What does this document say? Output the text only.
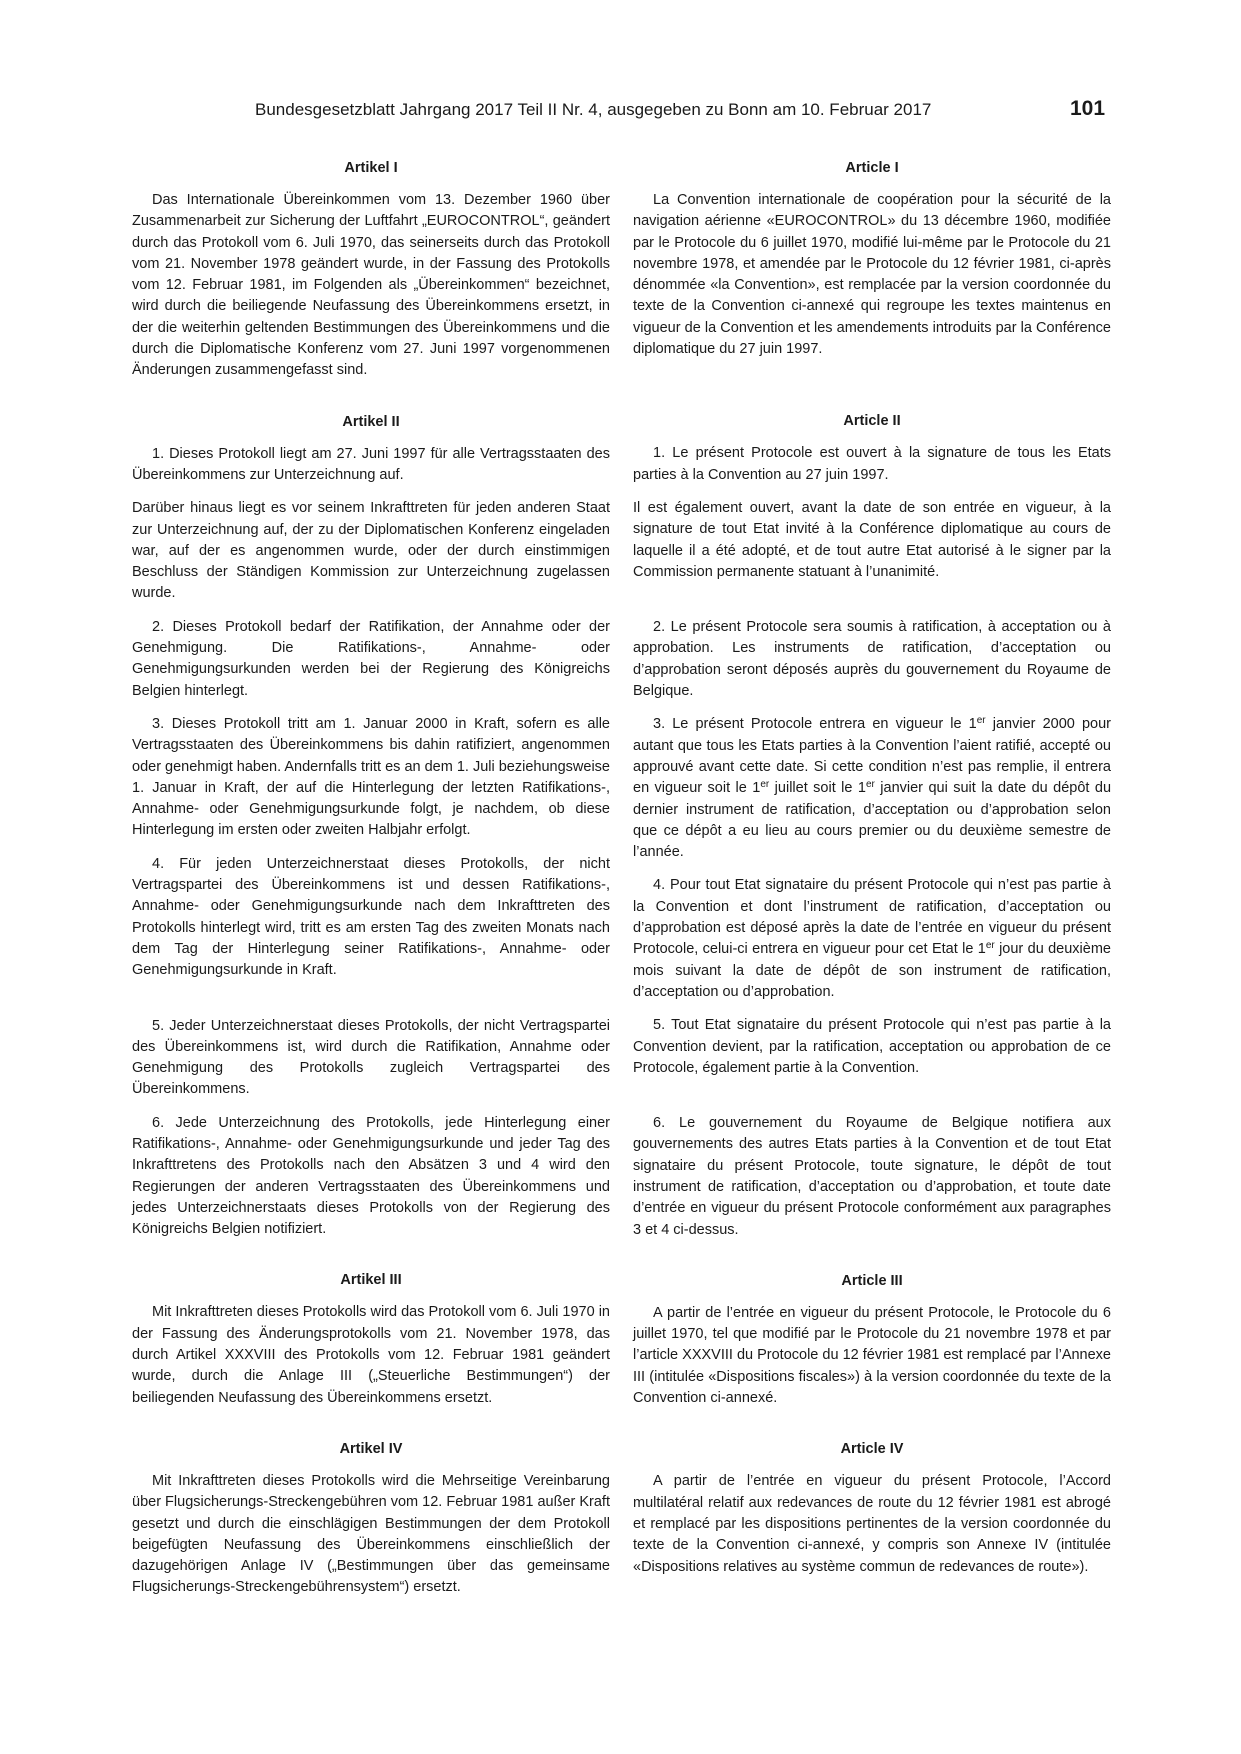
Bundesgesetzblatt Jahrgang 2017 Teil II Nr. 4, ausgegeben zu Bonn am 10. Februar 2017	101
Artikel I

Das Internationale Übereinkommen vom 13. Dezember 1960 über Zusammenarbeit zur Sicherung der Luftfahrt „EUROCONTROL“, geändert durch das Protokoll vom 6. Juli 1970, das seinerseits durch das Protokoll vom 21. November 1978 geändert wurde, in der Fassung des Protokolls vom 12. Februar 1981, im Folgenden als „Übereinkommen“ bezeichnet, wird durch die beiliegende Neufassung des Übereinkommens ersetzt, in der die weiterhin geltenden Bestimmungen des Übereinkommens und die durch die Diplomatische Konferenz vom 27. Juni 1997 vorgenommenen Änderungen zusammengefasst sind.

Artikel II

1. Dieses Protokoll liegt am 27. Juni 1997 für alle Vertragsstaaten des Übereinkommens zur Unterzeichnung auf.

Darüber hinaus liegt es vor seinem Inkrafttreten für jeden anderen Staat zur Unterzeichnung auf, der zu der Diplomatischen Konferenz eingeladen war, auf der es angenommen wurde, oder der durch einstimmigen Beschluss der Ständigen Kommission zur Unterzeichnung zugelassen wurde.

2. Dieses Protokoll bedarf der Ratifikation, der Annahme oder der Genehmigung. Die Ratifikations-, Annahme- oder Genehmigungsurkunden werden bei der Regierung des Königreichs Belgien hinterlegt.

3. Dieses Protokoll tritt am 1. Januar 2000 in Kraft, sofern es alle Vertragsstaaten des Übereinkommens bis dahin ratifiziert, angenommen oder genehmigt haben. Andernfalls tritt es an dem 1. Juli beziehungsweise 1. Januar in Kraft, der auf die Hinterlegung der letzten Ratifikations-, Annahme- oder Genehmigungsurkunde folgt, je nachdem, ob diese Hinterlegung im ersten oder zweiten Halbjahr erfolgt.

4. Für jeden Unterzeichnerstaat dieses Protokolls, der nicht Vertragspartei des Übereinkommens ist und dessen Ratifikations-, Annahme- oder Genehmigungsurkunde nach dem Inkrafttreten des Protokolls hinterlegt wird, tritt es am ersten Tag des zweiten Monats nach dem Tag der Hinterlegung seiner Ratifikations-, Annahme- oder Genehmigungsurkunde in Kraft.

5. Jeder Unterzeichnerstaat dieses Protokolls, der nicht Vertragspartei des Übereinkommens ist, wird durch die Ratifikation, Annahme oder Genehmigung des Protokolls zugleich Vertragspartei des Übereinkommens.

6. Jede Unterzeichnung des Protokolls, jede Hinterlegung einer Ratifikations-, Annahme- oder Genehmigungsurkunde und jeder Tag des Inkrafttretens des Protokolls nach den Absätzen 3 und 4 wird den Regierungen der anderen Vertragsstaaten des Übereinkommens und jedes Unterzeichnerstaats dieses Protokolls von der Regierung des Königreichs Belgien notifiziert.

Artikel III

Mit Inkrafttreten dieses Protokolls wird das Protokoll vom 6. Juli 1970 in der Fassung des Änderungsprotokolls vom 21. November 1978, das durch Artikel XXXVIII des Protokolls vom 12. Februar 1981 geändert wurde, durch die Anlage III („Steuerliche Bestimmungen“) der beiliegenden Neufassung des Übereinkommens ersetzt.

Artikel IV

Mit Inkrafttreten dieses Protokolls wird die Mehrseitige Vereinbarung über Flugsicherungs-Streckengebühren vom 12. Februar 1981 außer Kraft gesetzt und durch die einschlägigen Bestimmungen der dem Protokoll beigefügten Neufassung des Übereinkommens einschließlich der dazugehörigen Anlage IV („Bestimmungen über das gemeinsame Flugsicherungs-Streckengebührensystem“) ersetzt.

Article I

La Convention internationale de coopération pour la sécurité de la navigation aérienne «EUROCONTROL» du 13 décembre 1960, modifiée par le Protocole du 6 juillet 1970, modifié lui-même par le Protocole du 21 novembre 1978, et amendée par le Protocole du 12 février 1981, ci-après dénommée «la Convention», est remplacée par la version coordonnée du texte de la Convention ci-annexé qui regroupe les textes maintenus en vigueur de la Convention et les amendements introduits par la Conférence diplomatique du 27 juin 1997.

Article II

1. Le présent Protocole est ouvert à la signature de tous les Etats parties à la Convention au 27 juin 1997.

Il est également ouvert, avant la date de son entrée en vigueur, à la signature de tout Etat invité à la Conférence diplomatique au cours de laquelle il a été adopté, et de tout autre Etat autorisé à le signer par la Commission permanente statuant à l’unanimité.

2. Le présent Protocole sera soumis à ratification, à acceptation ou à approbation. Les instruments de ratification, d’acceptation ou d’approbation seront déposés auprès du gouvernement du Royaume de Belgique.

3. Le présent Protocole entrera en vigueur le 1er janvier 2000 pour autant que tous les Etats parties à la Convention l’aient ratifié, accepté ou approuvé avant cette date. Si cette condition n’est pas remplie, il entrera en vigueur soit le 1er juillet soit le 1er janvier qui suit la date du dépôt du dernier instrument de ratification, d’acceptation ou d’approbation selon que ce dépôt a eu lieu au cours premier ou du deuxième semestre de l’année.

4. Pour tout Etat signataire du présent Protocole qui n’est pas partie à la Convention et dont l’instrument de ratification, d’acceptation ou d’approbation est déposé après la date de l’entrée en vigueur du présent Protocole, celui-ci entrera en vigueur pour cet Etat le 1er jour du deuxième mois suivant la date de dépôt de son instrument de ratification, d’acceptation ou d’approbation.

5. Tout Etat signataire du présent Protocole qui n’est pas partie à la Convention devient, par la ratification, acceptation ou approbation de ce Protocole, également partie à la Convention.

6. Le gouvernement du Royaume de Belgique notifiera aux gouvernements des autres Etats parties à la Convention et de tout Etat signataire du présent Protocole, toute signature, le dépôt de tout instrument de ratification, d’acceptation ou d’approbation, et toute date d’entrée en vigueur du présent Protocole conformément aux paragraphes 3 et 4 ci-dessus.

Article III

A partir de l’entrée en vigueur du présent Protocole, le Protocole du 6 juillet 1970, tel que modifié par le Protocole du 21 novembre 1978 et par l’article XXXVIII du Protocole du 12 février 1981 est remplacé par l’Annexe III (intitulée «Dispositions fiscales») à la version coordonnée du texte de la Convention ci-annexé.

Article IV

A partir de l’entrée en vigueur du présent Protocole, l’Accord multilatéral relatif aux redevances de route du 12 février 1981 est abrogé et remplacé par les dispositions pertinentes de la version coordonnée du texte de la Convention ci-annexé, y compris son Annexe IV (intitulée «Dispositions relatives au système commun de redevances de route»).
